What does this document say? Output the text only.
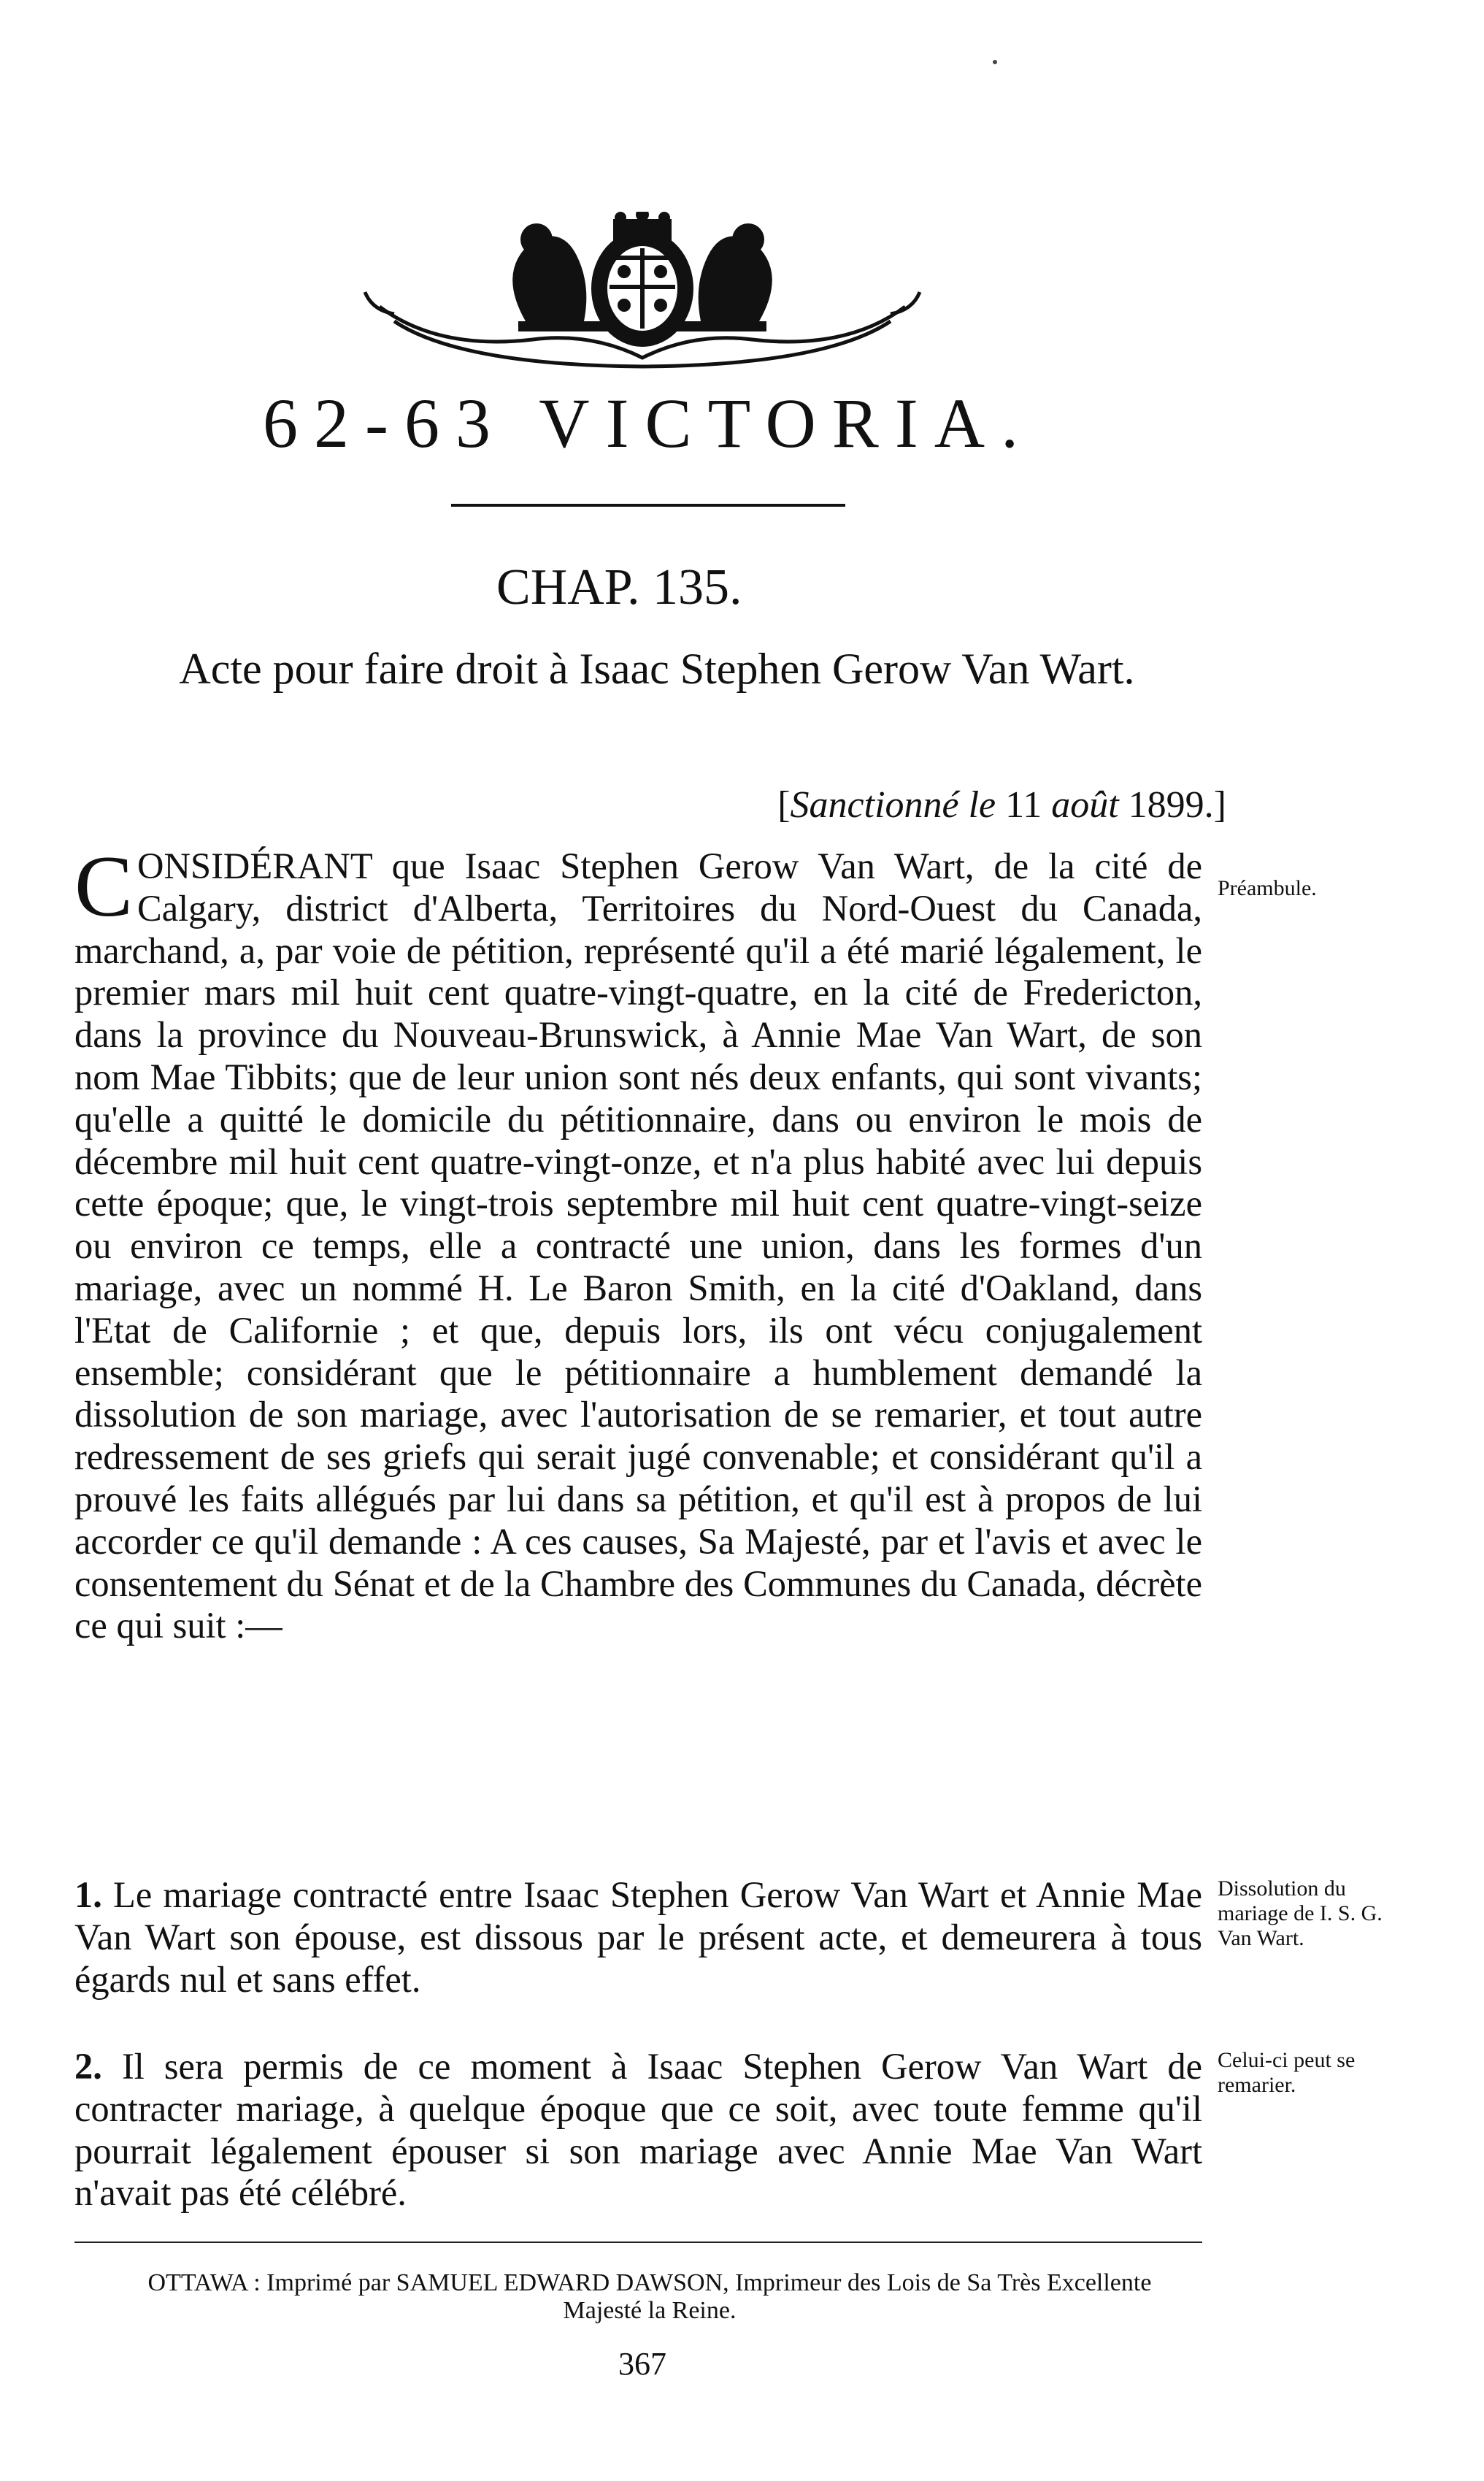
62-63 VICTORIA.
CHAP. 135.
Acte pour faire droit à Isaac Stephen Gerow Van Wart.
[Sanctionné le 11 août 1899.]

CONSIDÉRANT que Isaac Stephen Gerow Van Wart, de la cité de Calgary, district d'Alberta, Territoires du Nord-Ouest du Canada, marchand, a, par voie de pétition, représenté qu'il a été marié légalement, le premier mars mil huit cent quatre-vingt-quatre, en la cité de Fredericton, dans la province du Nouveau-Brunswick, à Annie Mae Van Wart, de son nom Mae Tibbits; que de leur union sont nés deux enfants, qui sont vivants; qu'elle a quitté le domicile du pétitionnaire, dans ou environ le mois de décembre mil huit cent quatre-vingt-onze, et n'a plus habité avec lui depuis cette époque; que, le vingt-trois septembre mil huit cent quatre-vingt-seize ou environ ce temps, elle a contracté une union, dans les formes d'un mariage, avec un nommé H. Le Baron Smith, en la cité d'Oakland, dans l'Etat de Californie ; et que, depuis lors, ils ont vécu conjugalement ensemble; considérant que le pétitionnaire a humblement demandé la dissolution de son mariage, avec l'autorisation de se remarier, et tout autre redressement de ses griefs qui serait jugé convenable; et considérant qu'il a prouvé les faits allégués par lui dans sa pétition, et qu'il est à propos de lui accorder ce qu'il demande : A ces causes, Sa Majesté, par et l'avis et avec le consentement du Sénat et de la Chambre des Communes du Canada, décrète ce qui suit :—

1. Le mariage contracté entre Isaac Stephen Gerow Van Wart et Annie Mae Van Wart son épouse, est dissous par le présent acte, et demeurera à tous égards nul et sans effet.
2. Il sera permis de ce moment à Isaac Stephen Gerow Van Wart de contracter mariage, à quelque époque que ce soit, avec toute femme qu'il pourrait légalement épouser si son mariage avec Annie Mae Van Wart n'avait pas été célébré.
Préambule.
Dissolution du mariage de I. S. G. Van Wart.
Celui-ci peut se remarier.
OTTAWA : Imprimé par SAMUEL EDWARD DAWSON, Imprimeur des Lois de Sa Très Excellente Majesté la Reine.
367
